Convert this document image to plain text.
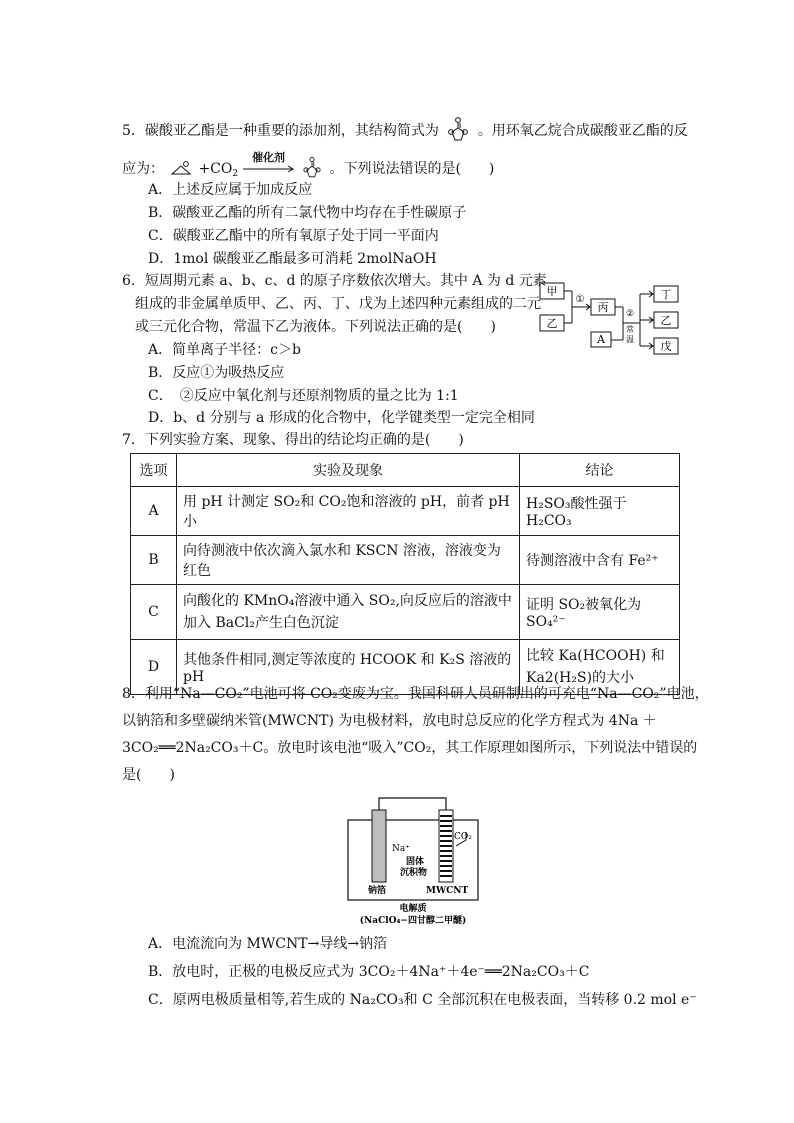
5．碳酸亚乙酯是一种重要的添加剂，其结构简式为	。用环氧乙烷合成碳酸亚乙酯的反
应为： $+CO_2$
催化剂
。下列说法错误的是(　　)
A．上述反应属于加成反应
B．碳酸亚乙酯的所有二氯代物中均存在手性碳原子
C．碳酸亚乙酯中的所有氧原子处于同一平面内
D．1mol 碳酸亚乙酯最多可消耗 2molNaOH
6．短周期元素 a、b、c、d 的原子序数依次增大。其中 A 为 d 元素
组成的非金属单质甲、乙、丙、丁、戊为上述四种元素组成的二元
或三元化合物，常温下乙为液体。下列说法正确的是(　　)
A．简单离子半径：c＞b
B．反应①为吸热反应
C．　②反应中氧化剂与还原剂物质的量之比为 1:1
D．b、d 分别与 a 形成的化合物中，化学键类型一定完全相同
甲
乙
①
丙
A
②
常
温
丁
乙
戊
7．下列实验方案、现象、得出的结论均正确的是(　　)
选项	实验及现象	结论
A	用 pH 计测定 SO₂和 CO₂饱和溶液的 pH，前者 pH 小	H₂SO₃酸性强于 H₂CO₃
B	向待测液中依次滴入氯水和 KSCN 溶液，溶液变为红色	待测溶液中含有 Fe²⁺
C	向酸化的 KMnO₄溶液中通入 SO₂,向反应后的溶液中加入 BaCl₂产生白色沉淀	证明 SO₂被氧化为 SO₄²⁻
D	其他条件相同,测定等浓度的 HCOOK 和 K₂S 溶液的 pH	比较 Ka(HCOOH) 和 Ka2(H₂S)的大小
8．利用“Na—CO₂”电池可将 CO₂变废为宝。我国科研人员研制出的可充电“Na—CO₂”电池，
以钠箔和多壁碳纳米管(MWCNT) 为电极材料，放电时总反应的化学方程式为 4Na ＋
3CO₂══2Na₂CO₃＋C。放电时该电池“吸入”CO₂，其工作原理如图所示，下列说法中错误的
是(　　)
Na⁺
CO₂
固体
沉积物
钠箔	MWCNT
电解质
(NaClO₄−四甘醇二甲醚)
A．电流流向为 MWCNT→导线→钠箔
B．放电时，正极的电极反应式为 3CO₂＋4Na⁺＋4e⁻══2Na₂CO₃＋C
C．原两电极质量相等,若生成的 Na₂CO₃和 C 全部沉积在电极表面，当转移 0.2 mol e⁻
